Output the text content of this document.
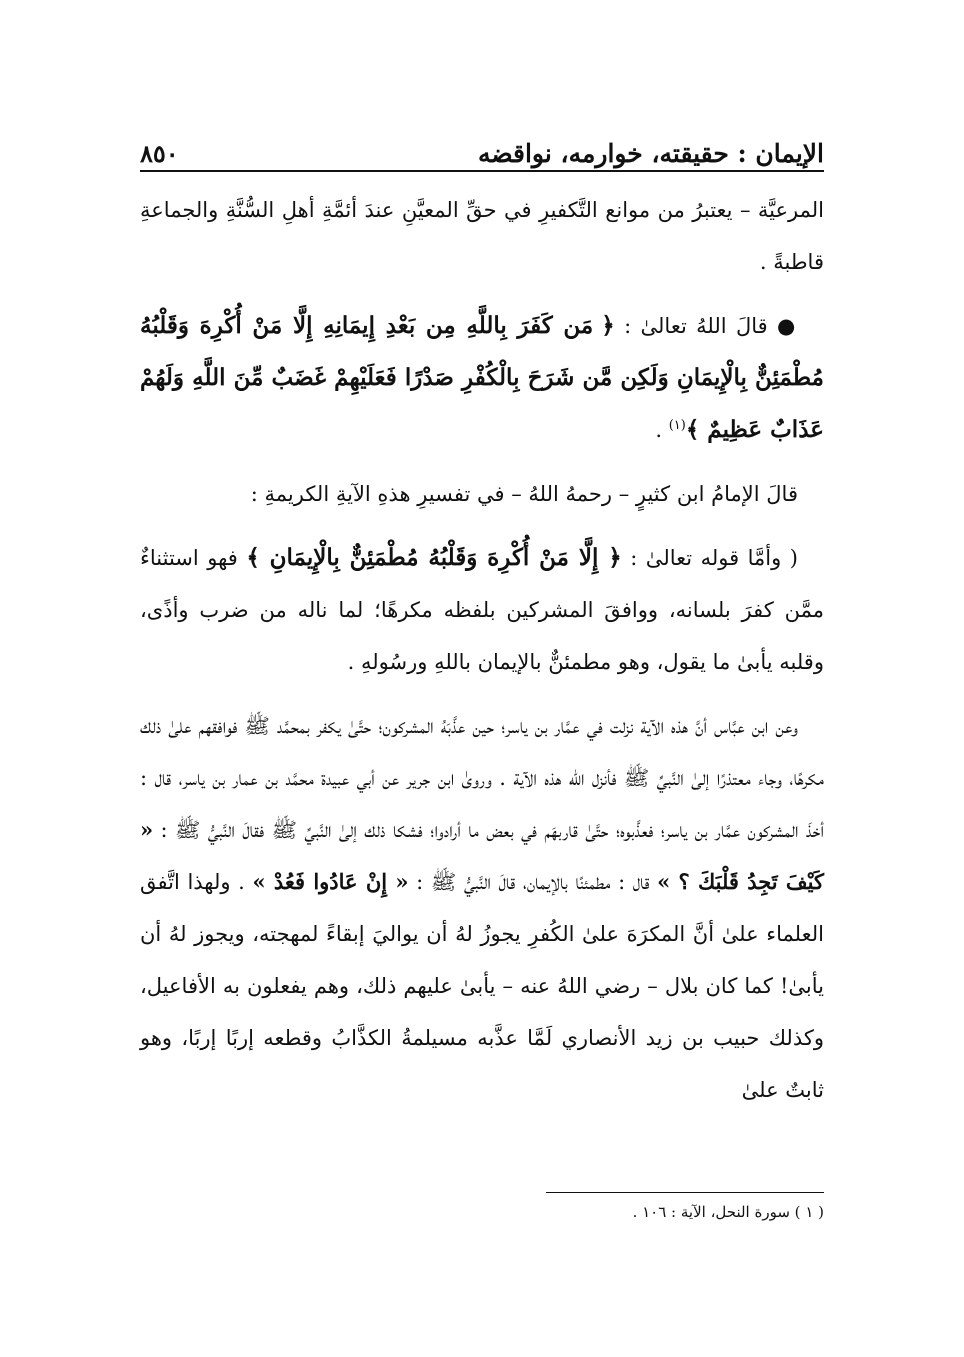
الإيمان : حقيقته، خوارمه، نواقضه
٨٥٠

المرعيَّة – يعتبرُ من موانع التَّكفيرِ في حقِّ المعيَّنِ عندَ أئمَّةِ أهلِ السُّنَّةِ والجماعةِ قاطبةً .

● قالَ اللهُ تعالىٰ : ﴿ مَن كَفَرَ بِاللَّهِ مِن بَعْدِ إِيمَانِهِ إِلَّا مَنْ أُكْرِهَ وَقَلْبُهُ مُطْمَئِنٌّ بِالْإِيمَانِ وَلَكِن مَّن شَرَحَ بِالْكُفْرِ صَدْرًا فَعَلَيْهِمْ غَضَبٌ مِّنَ اللَّهِ وَلَهُمْ عَذَابٌ عَظِيمٌ ﴾$^{(١)}$ .

قالَ الإمامُ ابن كثيرٍ – رحمهُ اللهُ – في تفسيرِ هذهِ الآيةِ الكريمةِ :

( وأمَّا قوله تعالىٰ : ﴿ إِلَّا مَنْ أُكْرِهَ وَقَلْبُهُ مُطْمَئِنٌّ بِالْإِيمَانِ ﴾ فهو استثناءٌ ممَّن كفرَ بلسانه، ووافقَ المشركين بلفظه مكرهًا؛ لما ناله من ضرب وأذًى، وقلبه يأبىٰ ما يقول، وهو مطمئنٌّ بالإيمان باللهِ ورسُولهِ .

وعن ابن عبَّاس أنَّ هذه الآية نزلت في عمَّار بن ياسر؛ حين عذَّبَهُ المشركون؛ حتَّىٰ يكفر بمحمَّد ﷺ فوافقهم علىٰ ذلك مكرهًا، وجاء معتذرًا إلىٰ النَّبيِّ ﷺ فأنزل الله هذه الآية . وروىٰ ابن جرير عن أبي عبيدة محمَّد بن عمار بن ياسر، قال : أخذَ المشركون عمَّار بن ياسر؛ فعذَّبوه؛ حتَّىٰ قاربهَم في بعض ما أرادوا؛ فشكا ذلك إلىٰ النَّبيِّ ﷺ فقالَ النَّبيُّ ﷺ : « كَيْفَ تَجِدُ قَلْبَكَ ؟ » قال : مطمئنًا بالإيمان، قالَ النَّبيُّ ﷺ : « إِنْ عَادُوا فَعُدْ » . ولهذا اتَّفق العلماء علىٰ أنَّ المكرَهَ علىٰ الكُفرِ يجوزُ لهُ أن يواليَ إبقاءً لمهجته، ويجوز لهُ أن يأبىٰ! كما كان بلال – رضي اللهُ عنه – يأبىٰ عليهم ذلك، وهم يفعلون به الأفاعيل، وكذلك حبيب بن زيد الأنصاري لَمَّا عذَّبه مسيلمةُ الكذَّابُ وقطعه إربًا إربًا، وهو ثابتٌ علىٰ

( ١ ) سورة النحل، الآية : ١٠٦ .
